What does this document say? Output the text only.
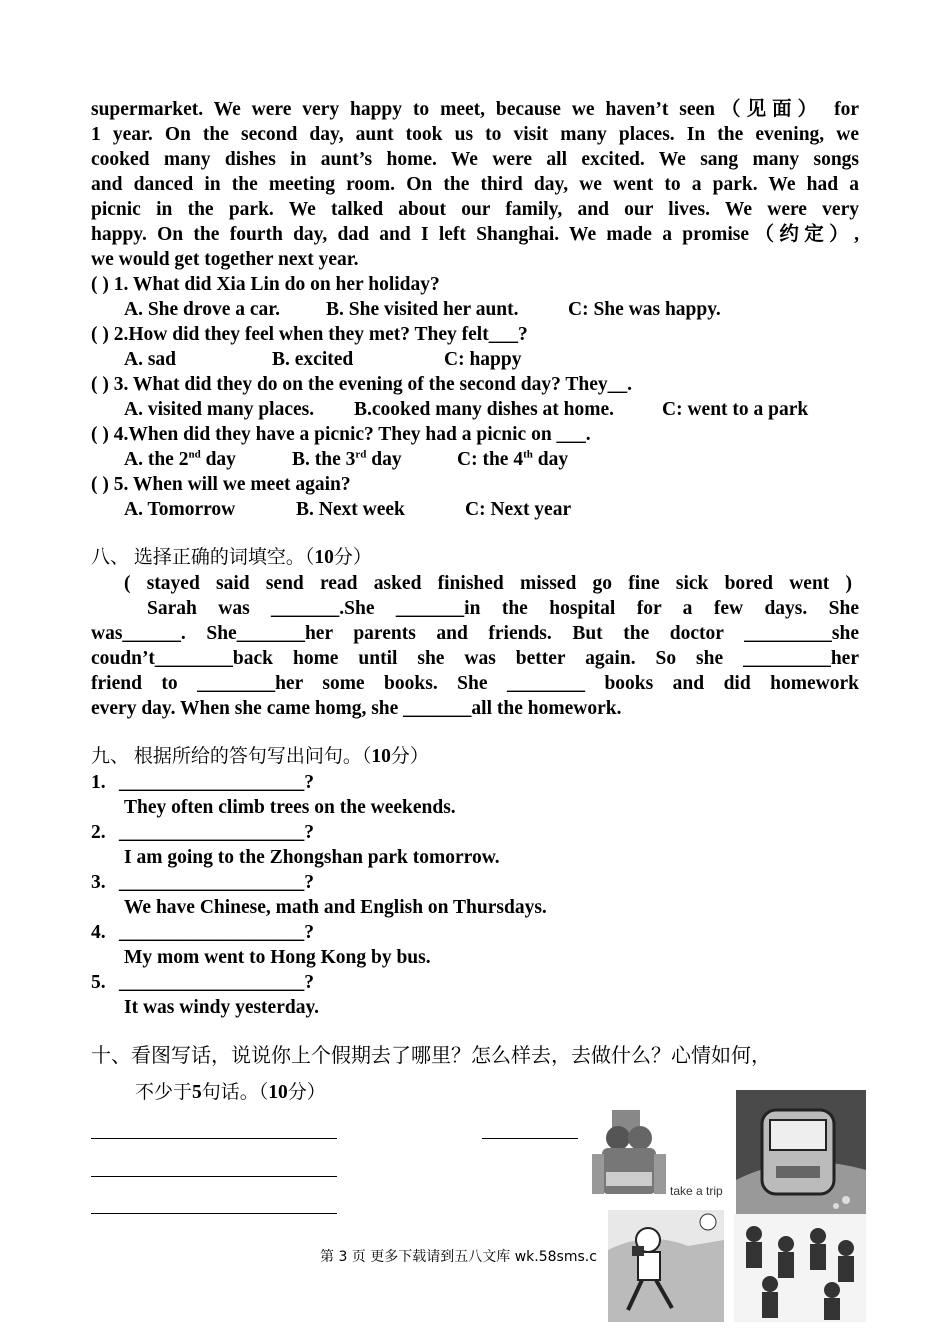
supermarket. We were very happy to meet, because we haven’t seen（见面） for
1 year. On the second day, aunt took us to visit many places. In the evening, we
cooked many dishes in aunt’s home. We were all excited. We sang many songs
and danced in the meeting room. On the third day, we went to a park. We had a
picnic in the park. We talked about our family, and our lives. We were very
happy. On the fourth day, dad and I left Shanghai. We made a promise（约定）,
we would get together next year.
( ) 1. What did Xia Lin do on her holiday?
A. She drove a car. B. She visited her aunt.	C: She was happy.
( ) 2.How did they feel when they met? They felt___?
A. sad	B. excited	C: happy
( ) 3. What did they do on the evening of the second day? They__.
A. visited many places. B.cooked many dishes at home. C: went to a park
( ) 4.When did they have a picnic? They had a picnic on ___.
A. the 2nd day	B. the 3rd day	C: the 4th day
( ) 5. When will we meet again?
A. Tomorrow	B. Next week	C: Next year
八、 选择正确的词填空。（10分）
( stayed said send read asked finished missed go fine sick bored went )
Sarah was _______.She _______in the hospital for a few days. She
was______. She_______her parents and friends. But the doctor _________she
coudn’t________back home until she was better again. So she _________her
friend to ________her some books. She ________ books and did homework
every day. When she came homg, she _______all the homework.
九、 根据所给的答句写出问句。（10分）
1. ___________________?
They often climb trees on the weekends.
2. ___________________?
I am going to the Zhongshan park tomorrow.
3. ___________________?
We have Chinese, math and English on Thursdays.
4. ___________________?
My mom went to Hong Kong by bus.
5. ___________________?
It was windy yesterday.
十、看图写话，说说你上个假期去了哪里？怎么样去，去做什么？心情如何，
不少于5句话。（10分）
take a trip
第 3 页 更多下载请到五八文库 wk.58sms.c
